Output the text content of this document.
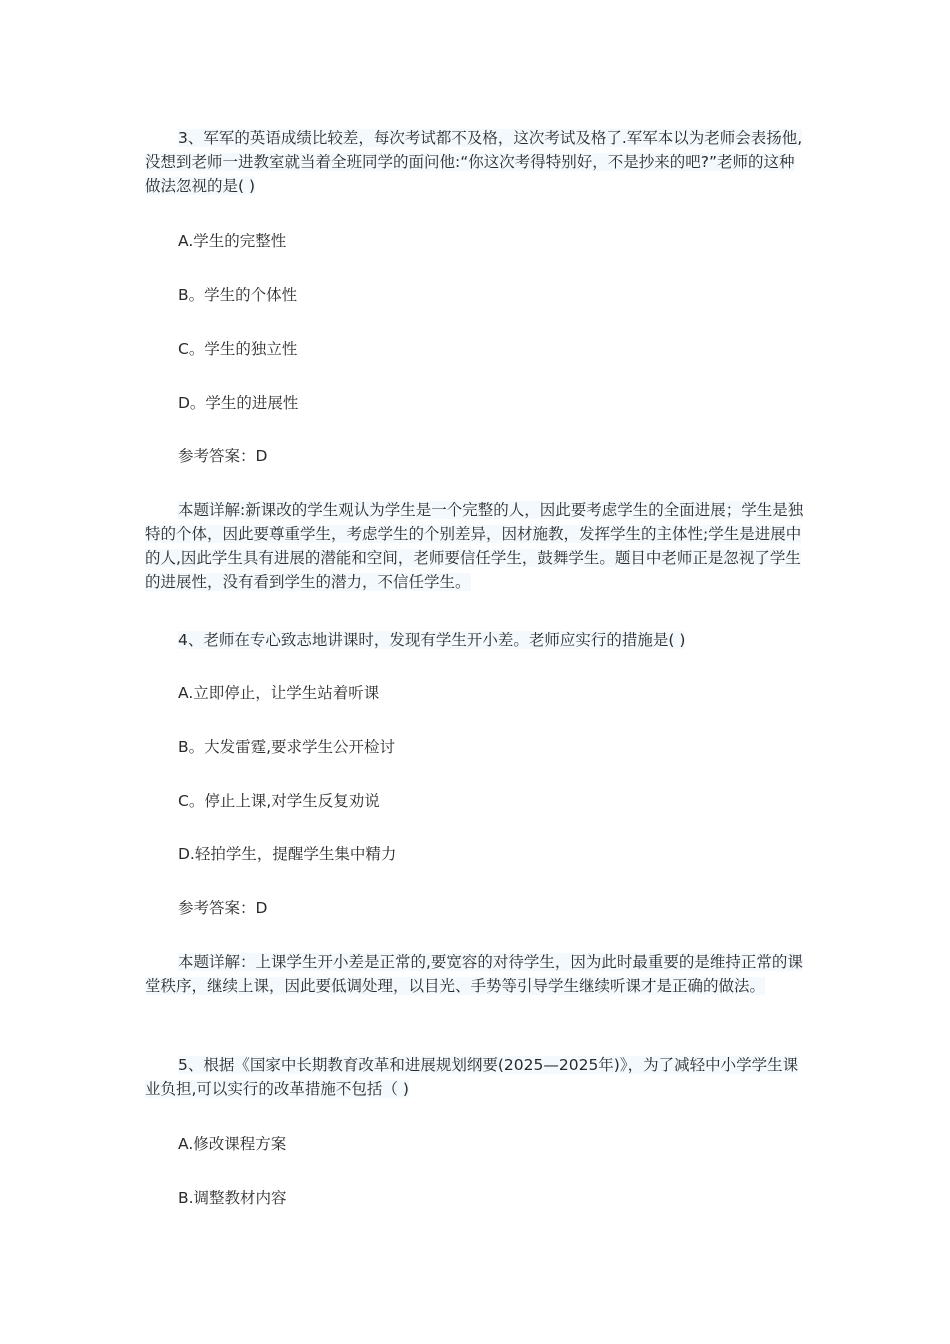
3、军军的英语成绩比较差，每次考试都不及格，这次考试及格了.军军本以为老师会表扬他,没想到老师一进教室就当着全班同学的面问他:“你这次考得特别好，不是抄来的吧?”老师的这种做法忽视的是( )

A.学生的完整性

B。学生的个体性

C。学生的独立性

D。学生的进展性

参考答案：D

本题详解:新课改的学生观认为学生是一个完整的人，因此要考虑学生的全面进展；学生是独特的个体，因此要尊重学生，考虑学生的个别差异，因材施教，发挥学生的主体性;学生是进展中的人,因此学生具有进展的潜能和空间，老师要信任学生，鼓舞学生。题目中老师正是忽视了学生的进展性，没有看到学生的潜力，不信任学生。

4、老师在专心致志地讲课时，发现有学生开小差。老师应实行的措施是( )

A.立即停止，让学生站着听课

B。大发雷霆,要求学生公开检讨

C。停止上课,对学生反复劝说

D.轻拍学生，提醒学生集中精力

参考答案：D

本题详解：上课学生开小差是正常的,要宽容的对待学生，因为此时最重要的是维持正常的课堂秩序，继续上课，因此要低调处理，以目光、手势等引导学生继续听课才是正确的做法。

5、根据《国家中长期教育改革和进展规划纲要(2025—2025年)》，为了减轻中小学学生课业负担,可以实行的改革措施不包括（ )

A.修改课程方案

B.调整教材内容
